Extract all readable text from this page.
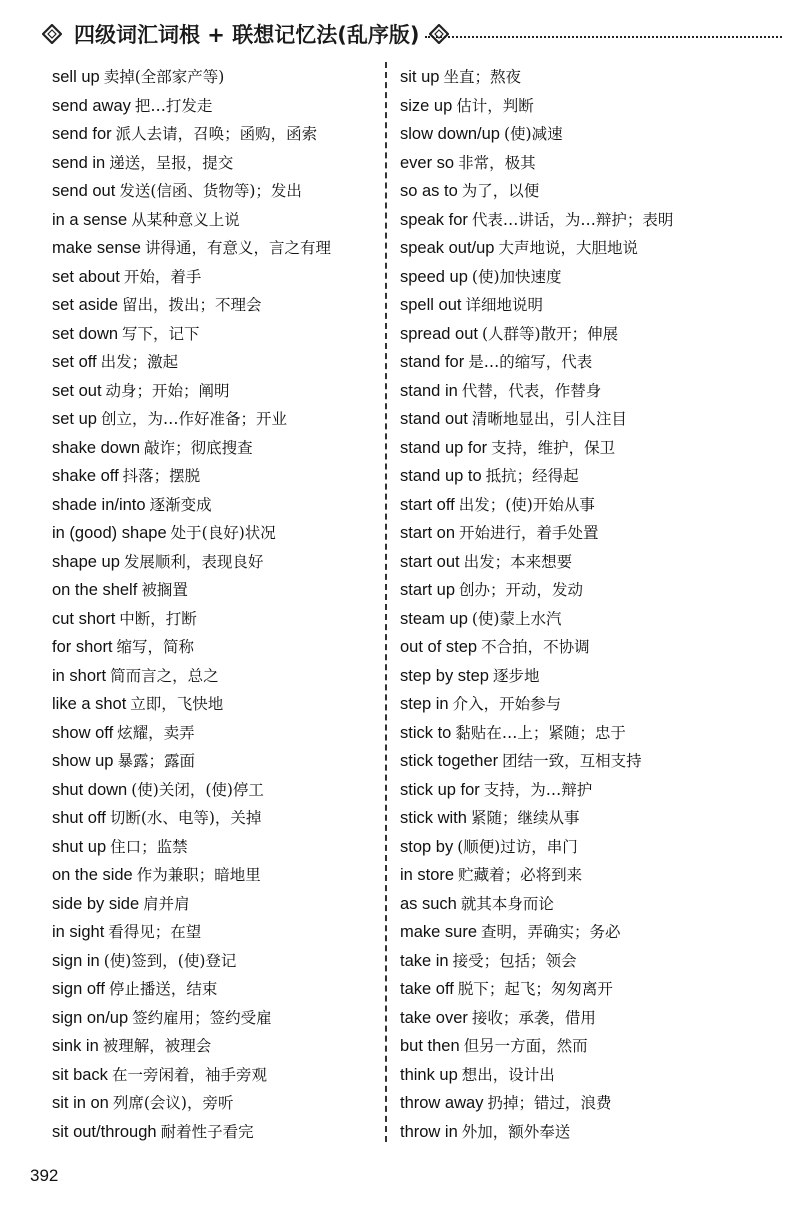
四级词汇词根 + 联想记忆法(乱序版)
sell up 卖掉(全部家产等)
send away 把…打发走
send for 派人去请，召唤；函购，函索
send in 递送，呈报，提交
send out 发送(信函、货物等)；发出
in a sense 从某种意义上说
make sense 讲得通，有意义，言之有理
set about 开始，着手
set aside 留出，拨出；不理会
set down 写下，记下
set off 出发；激起
set out 动身；开始；阐明
set up 创立，为…作好准备；开业
shake down 敲诈；彻底搜查
shake off 抖落；摆脱
shade in/into 逐渐变成
in (good) shape 处于(良好)状况
shape up 发展顺利，表现良好
on the shelf 被搁置
cut short 中断，打断
for short 缩写，简称
in short 简而言之，总之
like a shot 立即，飞快地
show off 炫耀，卖弄
show up 暴露；露面
shut down (使)关闭，(使)停工
shut off 切断(水、电等)，关掉
shut up 住口；监禁
on the side 作为兼职；暗地里
side by side 肩并肩
in sight 看得见；在望
sign in (使)签到，(使)登记
sign off 停止播送，结束
sign on/up 签约雇用；签约受雇
sink in 被理解，被理会
sit back 在一旁闲着，袖手旁观
sit in on 列席(会议)，旁听
sit out/through 耐着性子看完
sit up 坐直；熬夜
size up 估计，判断
slow down/up (使)减速
ever so 非常，极其
so as to 为了，以便
speak for 代表…讲话，为…辩护；表明
speak out/up 大声地说，大胆地说
speed up (使)加快速度
spell out 详细地说明
spread out (人群等)散开；伸展
stand for 是…的缩写，代表
stand in 代替，代表，作替身
stand out 清晰地显出，引人注目
stand up for 支持，维护，保卫
stand up to 抵抗；经得起
start off 出发；(使)开始从事
start on 开始进行，着手处置
start out 出发；本来想要
start up 创办；开动，发动
steam up (使)蒙上水汽
out of step 不合拍，不协调
step by step 逐步地
step in 介入，开始参与
stick to 黏贴在…上；紧随；忠于
stick together 团结一致，互相支持
stick up for 支持，为…辩护
stick with 紧随；继续从事
stop by (顺便)过访，串门
in store 贮藏着；必将到来
as such 就其本身而论
make sure 查明，弄确实；务必
take in 接受；包括；领会
take off 脱下；起飞；匆匆离开
take over 接收；承袭，借用
but then 但另一方面，然而
think up 想出，设计出
throw away 扔掉；错过，浪费
throw in 外加，额外奉送
392
